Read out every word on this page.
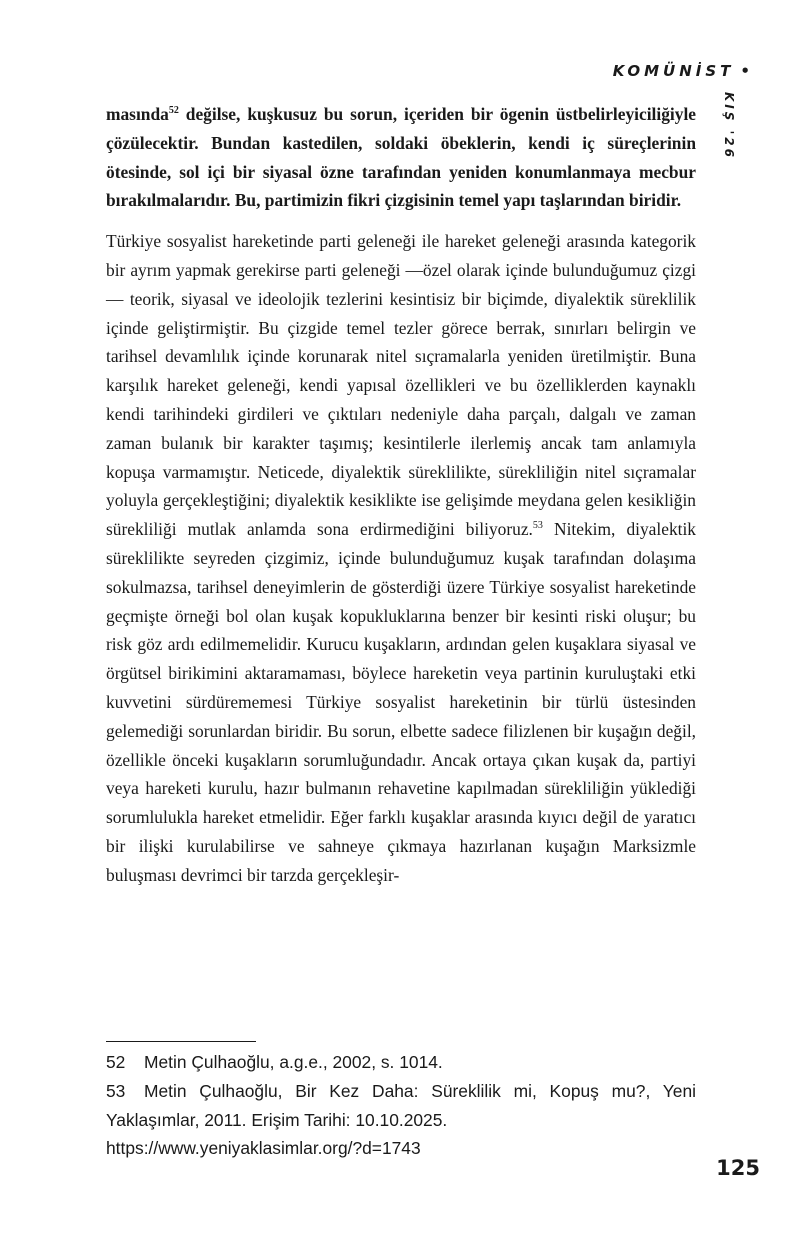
KOMÜNİST •
KIŞ '26

masında$^{52}$ değilse, kuşkusuz bu sorun, içeriden bir ögenin üstbelirleyiciliğiyle çözülecektir. Bundan kastedilen, soldaki öbeklerin, kendi iç süreçlerinin ötesinde, sol içi bir siyasal özne tarafından yeniden konumlanmaya mecbur bırakılmalarıdır. Bu, partimizin fikri çizgisinin temel yapı taşlarından biridir.

Türkiye sosyalist hareketinde parti geleneği ile hareket geleneği arasında kategorik bir ayrım yapmak gerekirse parti geleneği —özel olarak içinde bulunduğumuz çizgi— teorik, siyasal ve ideolojik tezlerini kesintisiz bir biçimde, diyalektik süreklilik içinde geliştirmiştir. Bu çizgide temel tezler görece berrak, sınırları belirgin ve tarihsel devamlılık içinde korunarak nitel sıçramalarla yeniden üretilmiştir. Buna karşılık hareket geleneği, kendi yapısal özellikleri ve bu özelliklerden kaynaklı kendi tarihindeki girdileri ve çıktıları nedeniyle daha parçalı, dalgalı ve zaman zaman bulanık bir karakter taşımış; kesintilerle ilerlemiş ancak tam anlamıyla kopuşa varmamıştır. Neticede, diyalektik süreklilikte, sürekliliğin nitel sıçramalar yoluyla gerçekleştiğini; diyalektik kesiklikte ise gelişimde meydana gelen kesikliğin sürekliliği mutlak anlamda sona erdirmediğini biliyoruz.$^{53}$ Nitekim, diyalektik süreklilikte seyreden çizgimiz, içinde bulunduğumuz kuşak tarafından dolaşıma sokulmazsa, tarihsel deneyimlerin de gösterdiği üzere Türkiye sosyalist hareketinde geçmişte örneği bol olan kuşak kopukluklarına benzer bir kesinti riski oluşur; bu risk göz ardı edilmemelidir. Kurucu kuşakların, ardından gelen kuşaklara siyasal ve örgütsel birikimini aktaramaması, böylece hareketin veya partinin kuruluştaki etki kuvvetini sürdürememesi Türkiye sosyalist hareketinin bir türlü üstesinden gelemediği sorunlardan biridir. Bu sorun, elbette sadece filizlenen bir kuşağın değil, özellikle önceki kuşakların sorumluğundadır. Ancak ortaya çıkan kuşak da, partiyi veya hareketi kurulu, hazır bulmanın rehavetine kapılmadan sürekliliğin yüklediği sorumlulukla hareket etmelidir. Eğer farklı kuşaklar arasında kıyıcı değil de yaratıcı bir ilişki kurulabilirse ve sahneye çıkmaya hazırlanan kuşağın Marksizmle buluşması devrimci bir tarzda gerçekleşir-

52 Metin Çulhaoğlu, a.g.e., 2002, s. 1014.

53 Metin Çulhaoğlu, Bir Kez Daha: Süreklilik mi, Kopuş mu?, Yeni Yaklaşımlar, 2011. Erişim Tarihi: 10.10.2025.

https://www.yeniyaklasimlar.org/?d=1743

125
